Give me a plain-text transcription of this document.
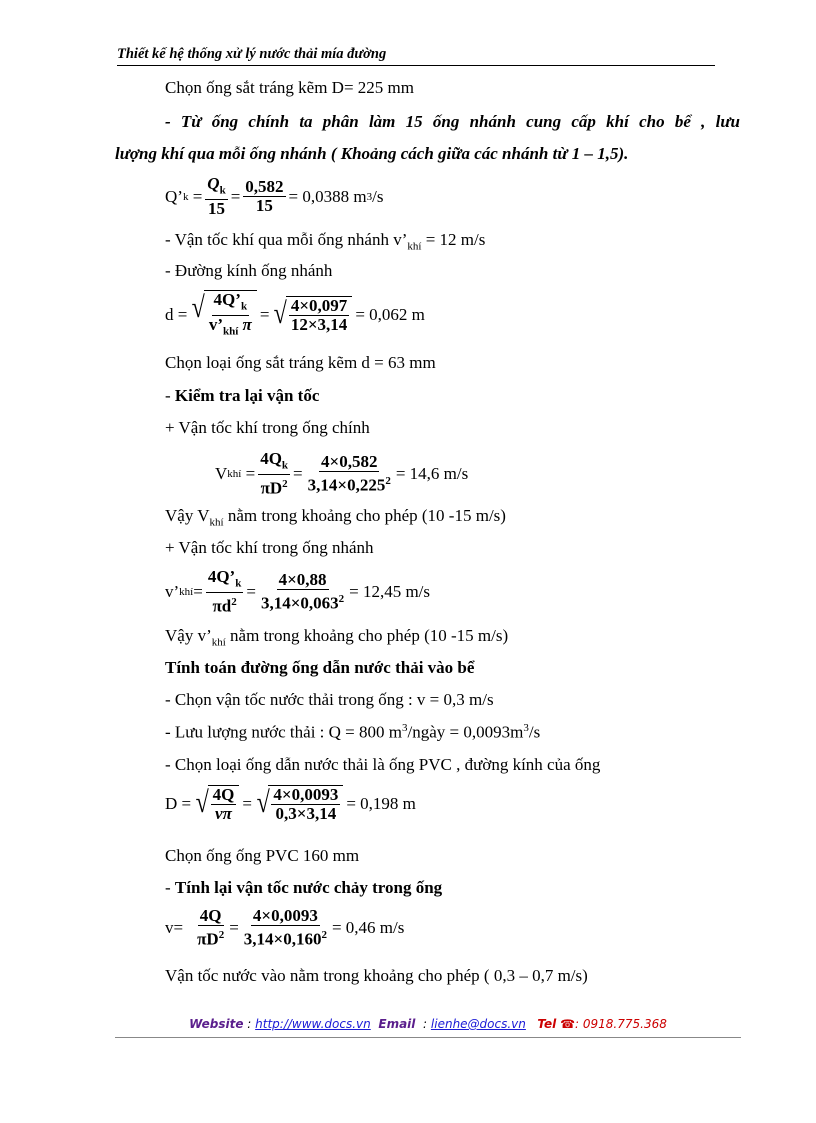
Thiết kế hệ thống xử lý nước thải mía đường
Chọn ống sắt tráng kẽm D= 225 mm
- Từ ống chính ta phân làm 15 ống nhánh cung cấp khí cho bể , lưu
lượng khí qua mỗi ống nhánh ( Khoảng cách giữa các nhánh từ 1 – 1,5).
Q’ $k = \frac{Q_k}{15} = \frac{0,582}{15} = 0,0388$ m 3 /s
- Vận tốc khí qua mỗi ống nhánh $v’_{khí} = 12$ m/s
- Đường kính ống nhánh
d = √ $\frac{4Q’_k}{v’_{khí} \pi}$ = √ $\frac{4\times 0,097}{12\times 3,14} = 0,062$ m
Chọn loại ống sắt tráng kẽm d = 63 mm
- Kiểm tra lại vận tốc
+ Vận tốc khí trong ống chính
V khí = $\frac{4Q_k}{\pi D^2} = \frac{4\times 0,582}{3,14\times 0,225^2} = 14,6$ m/s
Vậy $V_{khí}$ nằm trong khoảng cho phép (10 -15 m/s)
+ Vận tốc khí trong ống nhánh
v’ khí = $\frac{4Q’_k}{\pi d^2} = \frac{4\times 0,88}{3,14\times 0,063^2} = 12,45$ m/s
Vậy $v’_{khí}$ nằm trong khoảng cho phép (10 -15 m/s)
Tính toán đường ống dẫn nước thải vào bể
- Chọn vận tốc nước thải trong ống : v = 0,3 m/s
- Lưu lượng nước thải : Q = 800 $m^3$/ngày = $0,0093m^3/s$
- Chọn loại ống dẫn nước thải là ống PVC , đường kính của ống
D = √ $\frac{4Q}{v\pi}$ = √ $\frac{4\times 0,0093}{0,3\times 3,14} = 0,198$ m
Chọn ống ống PVC 160 mm
- Tính lại vận tốc nước chảy trong ống
$v= \frac{4Q}{\pi D^2} = \frac{4\times 0,0093}{3,14\times 0,160^2} = 0,46$ m/s
Vận tốc nước vào nằm trong khoảng cho phép ( 0,3 – 0,7 m/s)
Website : http://www.docs.vn Email  : lienhe@docs.vn Tel ☎: 0918.775.368
